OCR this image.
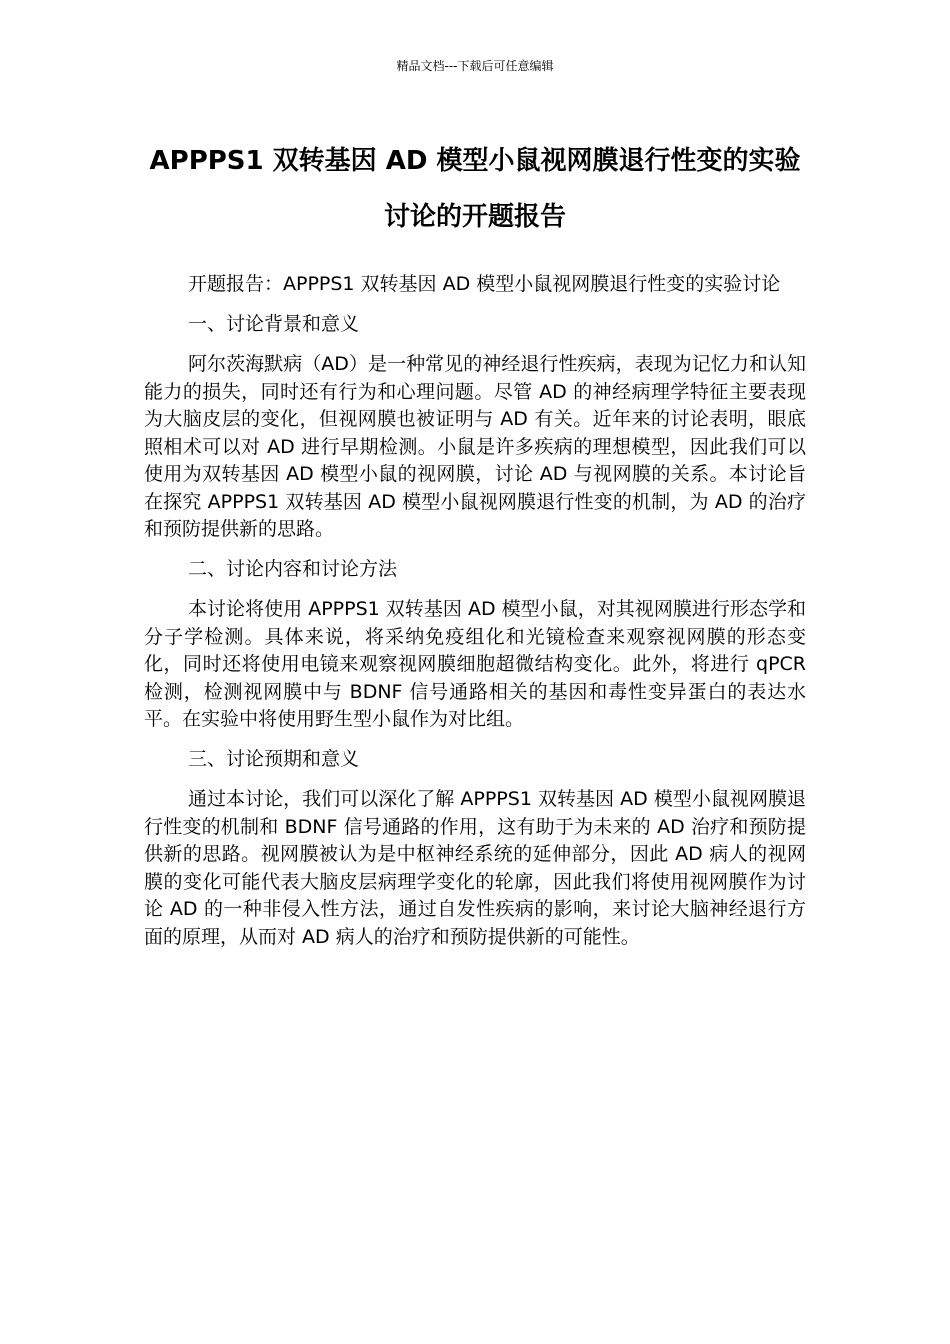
精品文档---下载后可任意编辑
APPPS1 双转基因 AD 模型小鼠视网膜退行性变的实验讨论的开题报告

开题报告：APPPS1 双转基因 AD 模型小鼠视网膜退行性变的实验讨论

一、讨论背景和意义

阿尔茨海默病（AD）是一种常见的神经退行性疾病，表现为记忆力和认知能力的损失，同时还有行为和心理问题。尽管 AD 的神经病理学特征主要表现为大脑皮层的变化，但视网膜也被证明与 AD 有关。近年来的讨论表明，眼底照相术可以对 AD 进行早期检测。小鼠是许多疾病的理想模型，因此我们可以使用为双转基因 AD 模型小鼠的视网膜，讨论 AD 与视网膜的关系。本讨论旨在探究 APPPS1 双转基因 AD 模型小鼠视网膜退行性变的机制，为 AD 的治疗和预防提供新的思路。

二、讨论内容和讨论方法

本讨论将使用 APPPS1 双转基因 AD 模型小鼠，对其视网膜进行形态学和分子学检测。具体来说，将采纳免疫组化和光镜检查来观察视网膜的形态变化，同时还将使用电镜来观察视网膜细胞超微结构变化。此外，将进行 qPCR 检测，检测视网膜中与 BDNF 信号通路相关的基因和毒性变异蛋白的表达水平。在实验中将使用野生型小鼠作为对比组。

三、讨论预期和意义

通过本讨论，我们可以深化了解 APPPS1 双转基因 AD 模型小鼠视网膜退行性变的机制和 BDNF 信号通路的作用，这有助于为未来的 AD 治疗和预防提供新的思路。视网膜被认为是中枢神经系统的延伸部分，因此 AD 病人的视网膜的变化可能代表大脑皮层病理学变化的轮廓，因此我们将使用视网膜作为讨论 AD 的一种非侵入性方法，通过自发性疾病的影响，来讨论大脑神经退行方面的原理，从而对 AD 病人的治疗和预防提供新的可能性。
